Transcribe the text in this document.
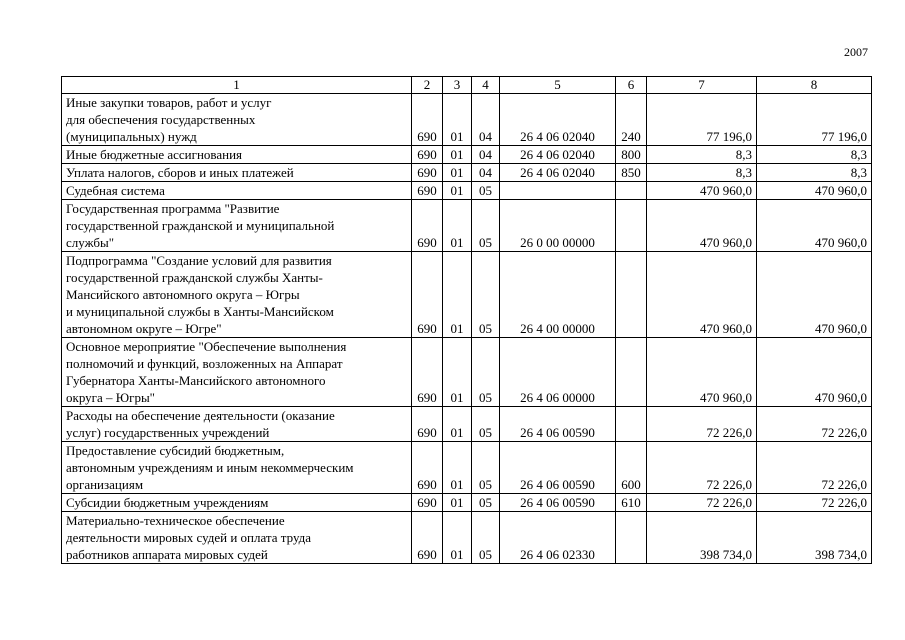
2007
1	2	3	4	5	6	7	8

Иные закупки товаров, работ и услуг
для обеспечения государственных
(муниципальных) нужд	690	01	04	26 4 06 02040	240	77 196,0	77 196,0

Иные бюджетные ассигнования	690	01	04	26 4 06 02040	800	8,3	8,3

Уплата налогов, сборов и иных платежей	690	01	04	26 4 06 02040	850	8,3	8,3

Судебная система	690	01	05			470 960,0	470 960,0

Государственная программа "Развитие
государственной гражданской и муниципальной
службы"	690	01	05	26 0 00 00000		470 960,0	470 960,0

Подпрограмма "Создание условий для развития
государственной гражданской службы Ханты-
Мансийского автономного округа – Югры
и муниципальной службы в Ханты-Мансийском
автономном округе – Югре"	690	01	05	26 4 00 00000		470 960,0	470 960,0

Основное мероприятие "Обеспечение выполнения
полномочий и функций, возложенных на Аппарат
Губернатора Ханты-Мансийского автономного
округа – Югры"	690	01	05	26 4 06 00000		470 960,0	470 960,0

Расходы на обеспечение деятельности (оказание
услуг) государственных учреждений	690	01	05	26 4 06 00590		72 226,0	72 226,0

Предоставление субсидий бюджетным,
автономным учреждениям и иным некоммерческим
организациям	690	01	05	26 4 06 00590	600	72 226,0	72 226,0

Субсидии бюджетным учреждениям	690	01	05	26 4 06 00590	610	72 226,0	72 226,0

Материально-техническое обеспечение
деятельности мировых судей и оплата труда
работников аппарата мировых судей	690	01	05	26 4 06 02330		398 734,0	398 734,0
